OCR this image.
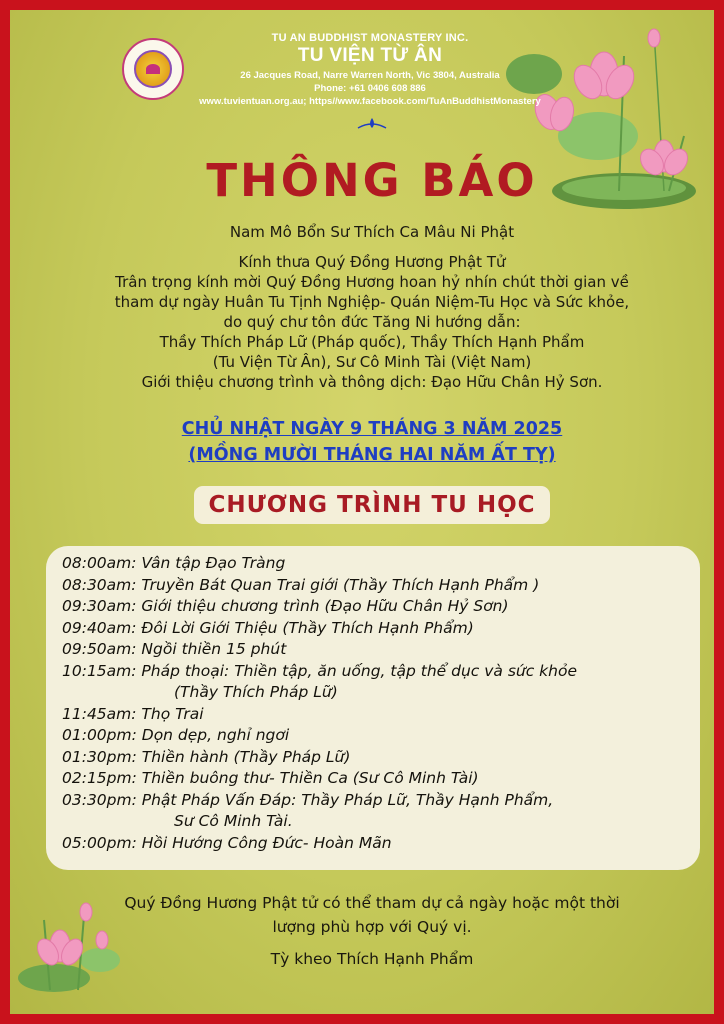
TU AN BUDDHIST MONASTERY INC.
TU VIỆN TỪ ÂN
26 Jacques Road, Narre Warren North, Vic 3804, Australia
Phone: +61 0406 608 886
www.tuvientuan.org.au; https//www.facebook.com/TuAnBuddhistMonastery
THÔNG BÁO
Nam Mô Bổn Sư Thích Ca Mâu Ni Phật
Kính thưa Quý Đồng Hương Phật Tử
Trân trọng kính mời Quý Đồng Hương hoan hỷ nhín chút thời gian về
tham dự ngày Huân Tu Tịnh Nghiệp- Quán Niệm-Tu Học và Sức khỏe,
do quý chư tôn đức Tăng Ni hướng dẫn:
Thầy Thích Pháp Lữ (Pháp quốc), Thầy Thích Hạnh Phẩm
(Tu Viện Từ Ân), Sư Cô Minh Tài (Việt Nam)
Giới thiệu chương trình và thông dịch: Đạo Hữu Chân Hỷ Sơn.
CHỦ NHẬT NGÀY 9 THÁNG 3 NĂM 2025
(MỒNG MƯỜI THÁNG HAI NĂM ẤT TỴ)
CHƯƠNG TRÌNH TU HỌC
08:00am: Vân tập Đạo Tràng
08:30am: Truyền Bát Quan Trai giới (Thầy Thích Hạnh Phẩm )
09:30am: Giới thiệu chương trình (Đạo Hữu Chân Hỷ Sơn)
09:40am: Đôi Lời Giới Thiệu (Thầy Thích Hạnh Phẩm)
09:50am: Ngồi thiền 15 phút
10:15am: Pháp thoại: Thiền tập, ăn uống, tập thể dục và sức khỏe
(Thầy Thích Pháp Lữ)
11:45am: Thọ Trai
01:00pm: Dọn dẹp, nghỉ ngơi
01:30pm: Thiền hành (Thầy Pháp Lữ)
02:15pm: Thiền buông thư- Thiền Ca (Sư Cô Minh Tài)
03:30pm: Phật Pháp Vấn Đáp: Thầy Pháp Lữ, Thầy Hạnh Phẩm,
Sư Cô Minh Tài.
05:00pm: Hồi Hướng Công Đức- Hoàn Mãn
Quý Đồng Hương Phật tử có thể tham dự cả ngày hoặc một thời
lượng phù hợp với Quý vị.
Tỳ kheo Thích Hạnh Phẩm
